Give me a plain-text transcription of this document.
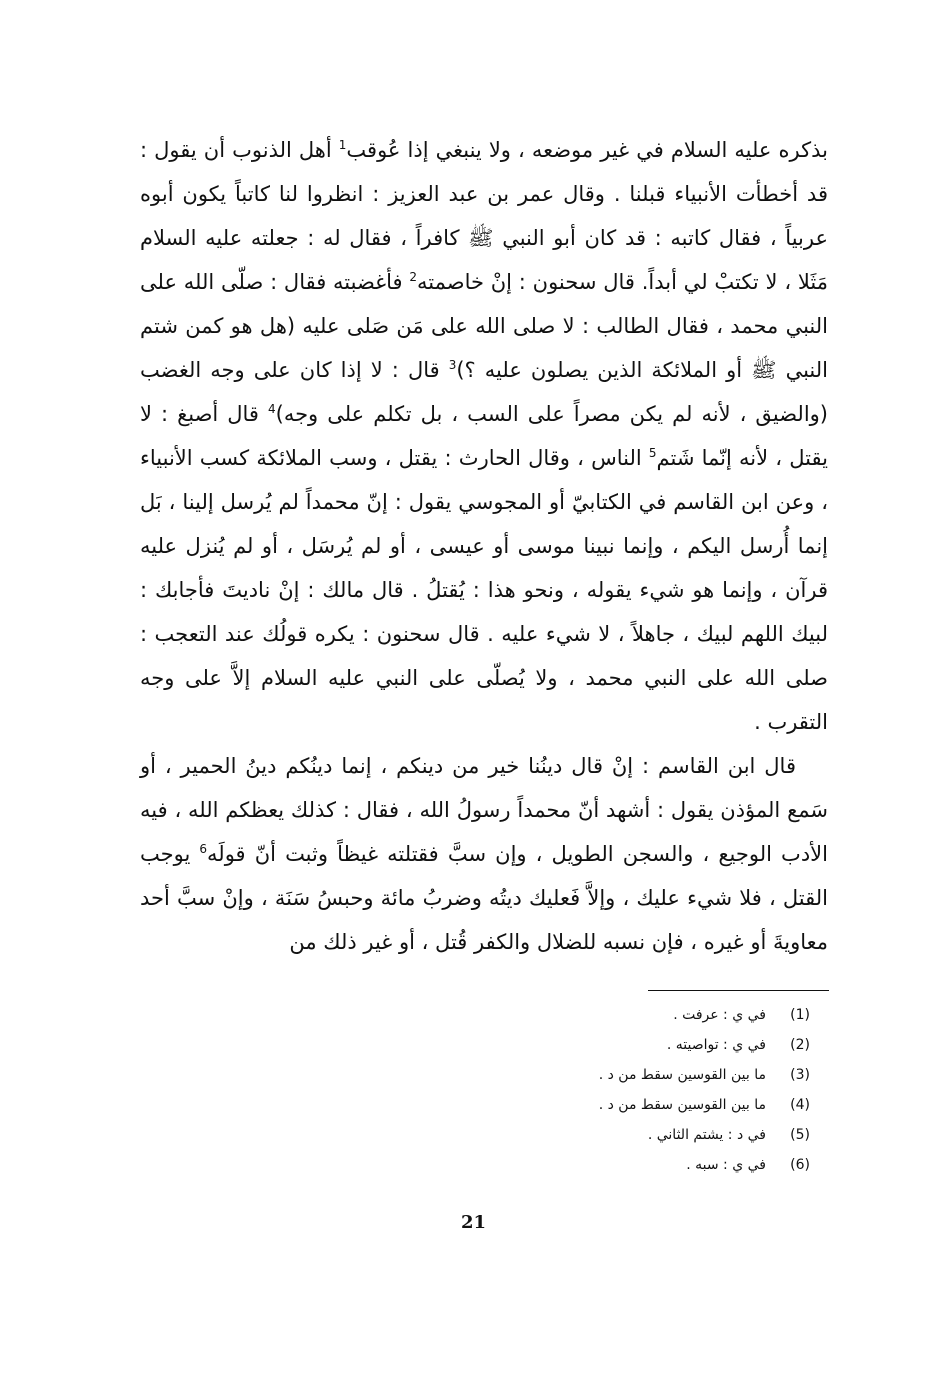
بذكره عليه السلام في غير موضعه ، ولا ينبغي إذا عُوقب$^1$ أهل الذنوب أن يقول : قد أخطأت الأنبياء قبلنا . وقال عمر بن عبد العزيز : انظروا لنا كاتباً يكون أبوه عربياً ، فقال كاتبه : قد كان أبو النبي ﷺ كافراً ، فقال له : جعلته عليه السلام مَثَلا ، لا تكتبْ لي أبداً. قال سحنون : إنْ خاصمته$^2$ فأغضبته فقال : صلّى الله على النبي محمد ، فقال الطالب : لا صلى الله على مَن صَلى عليه (هل هو كمن شتم النبي ﷺ أو الملائكة الذين يصلون عليه ؟)$^3$ قال : لا إذا كان على وجه الغضب (والضيق ، لأنه لم يكن مصراً على السب ، بل تكلم على وجه)$^4$ قال أصبغ : لا يقتل ، لأنه إنّما شَتم$^5$ الناس ، وقال الحارث : يقتل ، وسب الملائكة كسب الأنبياء ، وعن ابن القاسم في الكتابيّ أو المجوسي يقول : إنّ محمداً لم يُرسل إلينا ، بَل إنما أُرسل اليكم ، وإنما نبينا موسى أو عيسى ، أو لم يُرسَل ، أو لم يُنزل عليه قرآن ، وإنما هو شيء يقوله ، ونحو هذا : يُقتلُ . قال مالك : إنْ ناديتَ فأجابك : لبيك اللهم لبيك ، جاهلاً ، لا شيء عليه . قال سحنون : يكره قولُك عند التعجب : صلى الله على النبي محمد ، ولا يُصلّى على النبي عليه السلام إلاَّ على وجه التقرب .

قال ابن القاسم : إنْ قال دينُنا خير من دينكم ، إنما دينُكم دينُ الحمير ، أو سَمع المؤذن يقول : أشهد أنّ محمداً رسولُ الله ، فقال : كذلك يعظكم الله ، فيه الأدب الوجيع ، والسجن الطويل ، وإن سبَّ فقتلته غيظاً وثبت أنّ قولَه$^6$ يوجب القتل ، فلا شيء عليك ، وإلاَّ فَعليك ديتُه وضربُ مائة وحبسُ سَنَة ، وإنْ سبَّ أحد معاويةَ أو غيره ، فإن نسبه للضلال والكفر قُتل ، أو غير ذلك من

(1)
في ي : عرفت .
(2)
في ي : تواصيته .
(3)
ما بين القوسين سقط من د .
(4)
ما بين القوسين سقط من د .
(5)
في د : يشتم الثاني .
(6)
في ي : سبه .
21
